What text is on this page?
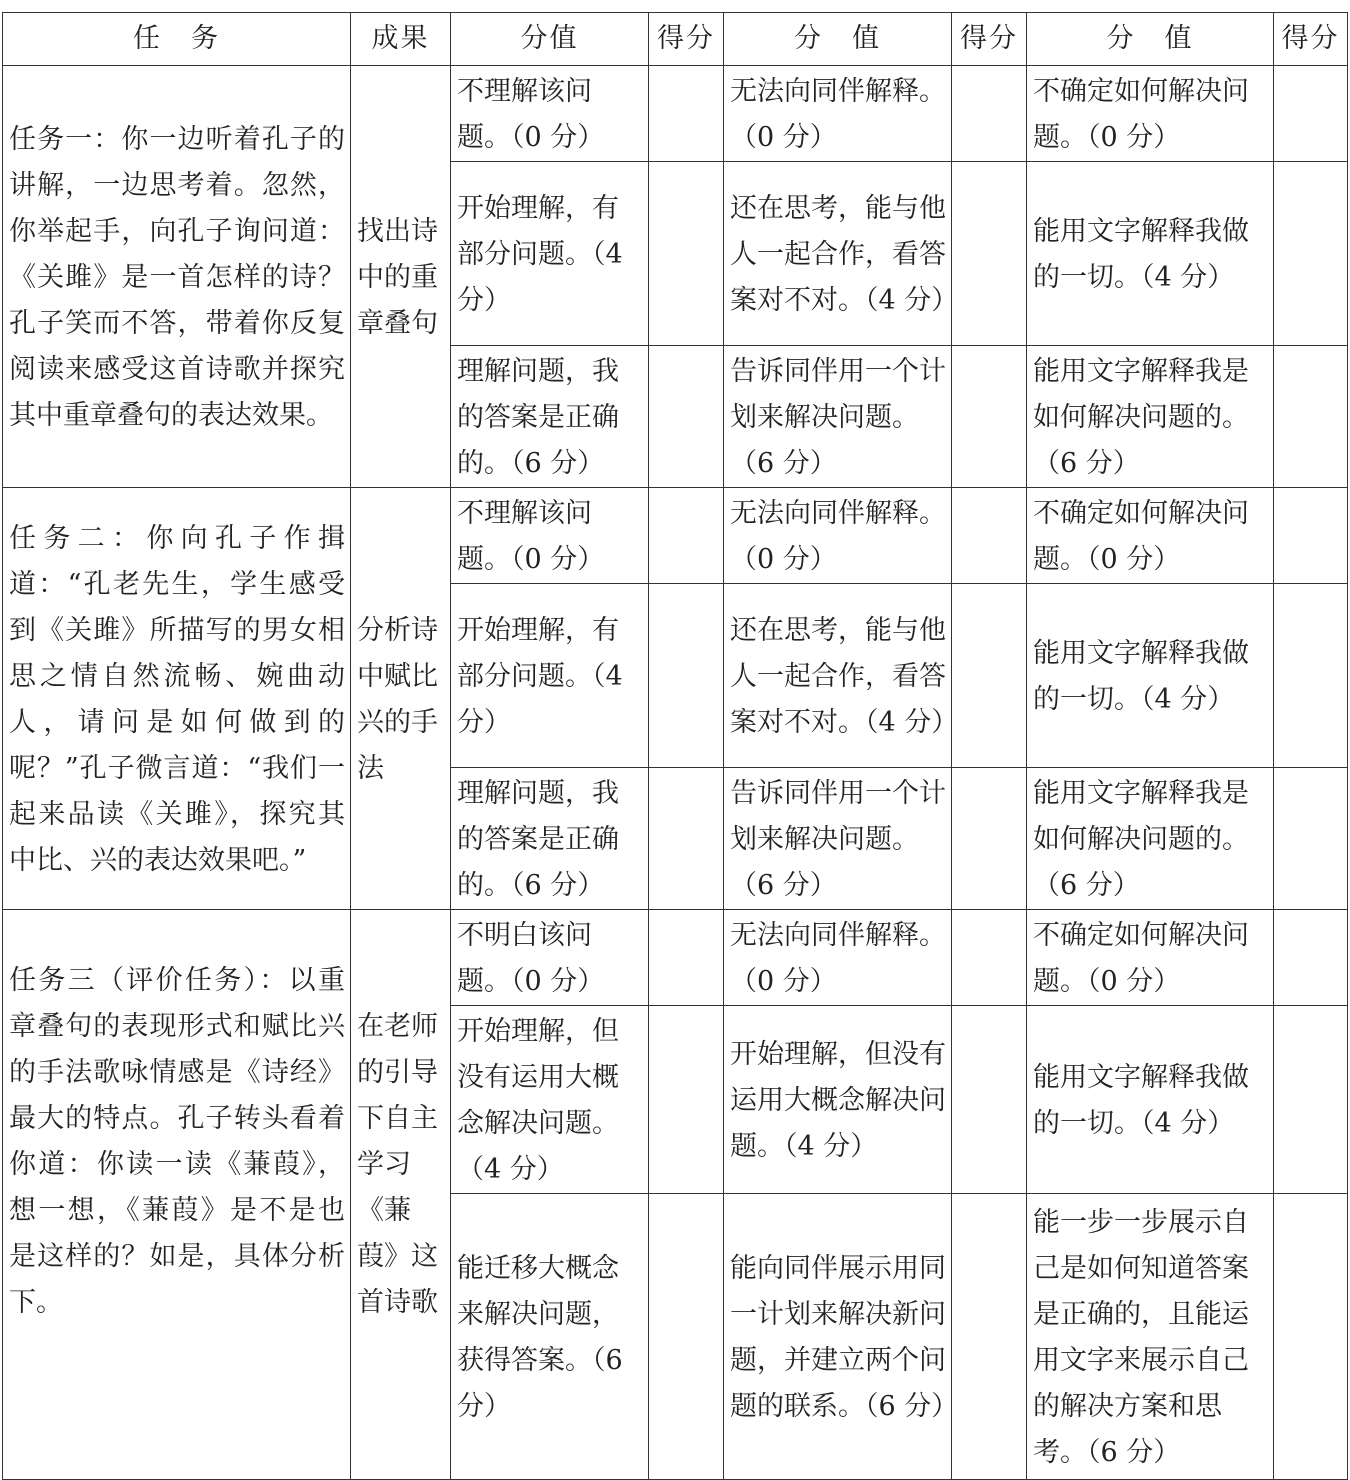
任　务	成果	分值	得分	分　值	得分	分　值	得分
任务一：你一边听着孔子的讲解，一边思考着。忽然，你举起手，向孔子询问道：《关雎》是一首怎样的诗？孔子笑而不答，带着你反复阅读来感受这首诗歌并探究其中重章叠句的表达效果。	找出诗中的重章叠句	不理解该问题。（0 分）		无法向同伴解释。（0 分）		不确定如何解决问题。（0 分）	
		开始理解，有部分问题。（4 分）		还在思考，能与他人一起合作，看答案对不对。（4 分）		能用文字解释我做的一切。（4 分）	
		理解问题，我的答案是正确的。（6 分）		告诉同伴用一个计划来解决问题。（6 分）		能用文字解释我是如何解决问题的。（6 分）	
任务二：你向孔子作揖道：“孔老先生，学生感受到《关雎》所描写的男女相思之情自然流畅、婉曲动人，请问是如何做到的呢？”孔子微言道：“我们一起来品读《关雎》，探究其中比、兴的表达效果吧。”	分析诗中赋比兴的手法	不理解该问题。（0 分）		无法向同伴解释。（0 分）		不确定如何解决问题。（0 分）	
		开始理解，有部分问题。（4 分）		还在思考，能与他人一起合作，看答案对不对。（4 分）		能用文字解释我做的一切。（4 分）	
		理解问题，我的答案是正确的。（6 分）		告诉同伴用一个计划来解决问题。（6 分）		能用文字解释我是如何解决问题的。（6 分）	
任务三（评价任务）：以重章叠句的表现形式和赋比兴的手法歌咏情感是《诗经》最大的特点。孔子转头看着你道：你读一读《蒹葭》，想一想，《蒹葭》是不是也是这样的？如是，具体分析下。	在老师的引导下自主学习《蒹葭》这首诗歌	不明白该问题。（0 分）		无法向同伴解释。（0 分）		不确定如何解决问题。（0 分）	
		开始理解，但没有运用大概念解决问题。（4 分）		开始理解，但没有运用大概念解决问题。（4 分）		能用文字解释我做的一切。（4 分）	
		能迁移大概念来解决问题，获得答案。（6 分）		能向同伴展示用同一计划来解决新问题，并建立两个问题的联系。（6 分）		能一步一步展示自己是如何知道答案是正确的，且能运用文字来展示自己的解决方案和思考。（6 分）	
